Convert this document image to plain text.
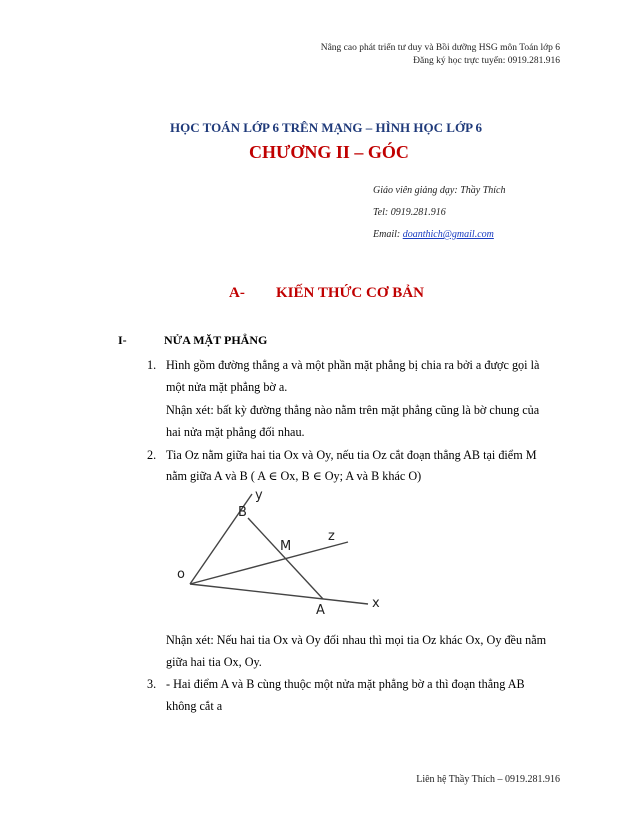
Nâng cao phát triển tư duy và Bồi dưỡng HSG môn Toán lớp 6
Đăng ký học trực tuyến: 0919.281.916
HỌC TOÁN LỚP 6 TRÊN MẠNG – HÌNH HỌC LỚP 6
CHƯƠNG II – GÓC
Giáo viên giảng dạy: Thầy Thích
Tel: 0919.281.916
Email: doanthich@gmail.com
A- KIẾN THỨC CƠ BẢN
I-	NỬA MẶT PHẲNG
1. Hình gồm đường thẳng a và một phần mặt phẳng bị chia ra bởi a được gọi là
một nửa mặt phẳng bờ a.
Nhận xét: bất kỳ đường thẳng nào nằm trên mặt phẳng cũng là bờ chung của
hai nửa mặt phẳng đối nhau.
2. Tia Oz nằm giữa hai tia Ox và Oy, nếu tia Oz cắt đoạn thẳng AB tại điểm M
nằm giữa A và B ( A ∈ Ox, B ∈ Oy; A và B khác O)
y
B
z
M
o
A	x
Nhận xét: Nếu hai tia Ox và Oy đối nhau thì mọi tia Oz khác Ox, Oy đều nằm
giữa hai tia Ox, Oy.
3. - Hai điểm A và B cùng thuộc một nửa mặt phẳng bờ a thì đoạn thẳng AB
không cắt a
Liên hệ Thầy Thích – 0919.281.916
